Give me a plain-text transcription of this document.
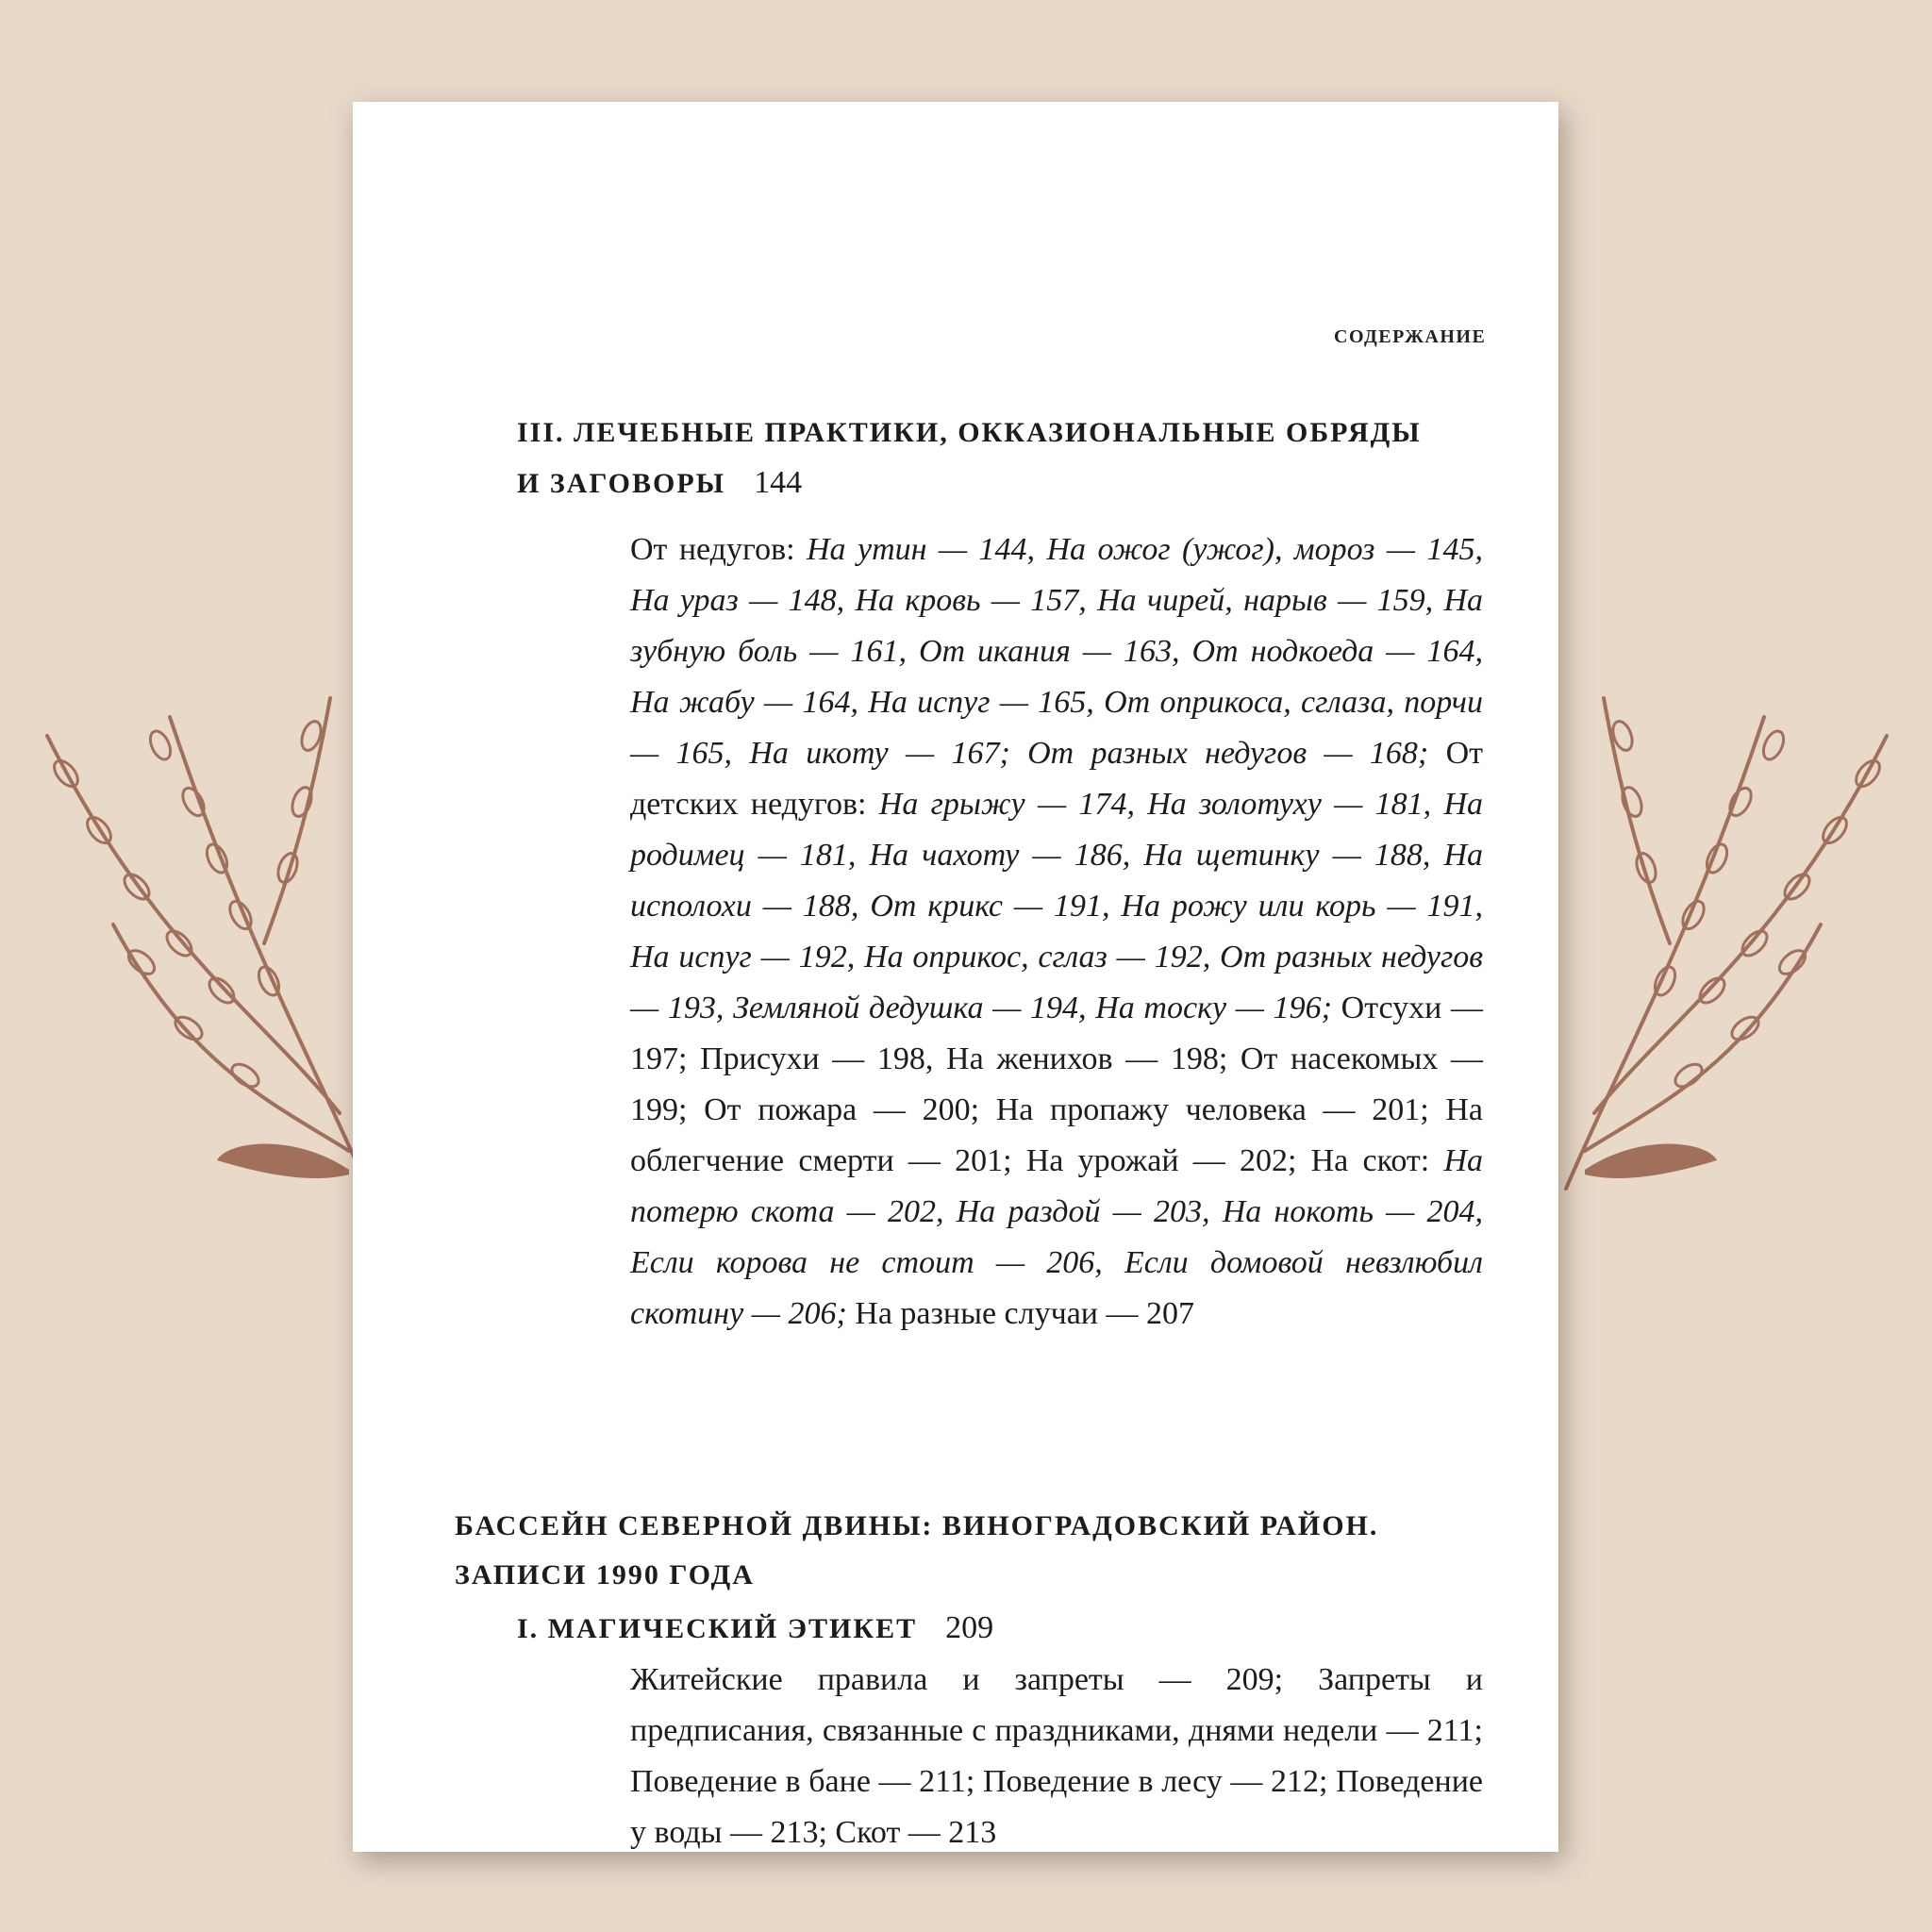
СОДЕРЖАНИЕ
III. ЛЕЧЕБНЫЕ ПРАКТИКИ, ОККАЗИОНАЛЬНЫЕ ОБРЯДЫ
И ЗАГОВОРЫ 144
От недугов: На утин — 144, На ожог (ужог), мороз — 145, На ураз — 148, На кровь — 157, На чирей, нарыв — 159, На зубную боль — 161, От икания — 163, От нодкоеда — 164, На жабу — 164, На испуг — 165, От оприкоса, сглаза, порчи — 165, На икоту — 167; От разных недугов — 168; От детских недугов: На грыжу — 174, На золотуху — 181, На родимец — 181, На чахоту — 186, На щетинку — 188, На исполохи — 188, От крикс — 191, На рожу или корь — 191, На испуг — 192, На оприкос, сглаз — 192, От разных недугов — 193, Земляной дедушка — 194, На тоску — 196; Отсухи — 197; Присухи — 198, На женихов — 198; От насекомых — 199; От пожара — 200; На пропажу человека — 201; На облегчение смерти — 201; На урожай — 202; На скот: На потерю скота — 202, На раздой — 203, На нокоть — 204, Если корова не стоит — 206, Если домовой невзлюбил скотину — 206; На разные случаи — 207
БАССЕЙН СЕВЕРНОЙ ДВИНЫ: ВИНОГРАДОВСКИЙ РАЙОН.
ЗАПИСИ 1990 ГОДА
I. МАГИЧЕСКИЙ ЭТИКЕТ 209
Житейские правила и запреты — 209; Запреты и предписания, связанные с праздниками, днями недели — 211; Поведение в бане — 211; Поведение в лесу — 212; Поведение у воды — 213; Скот — 213
